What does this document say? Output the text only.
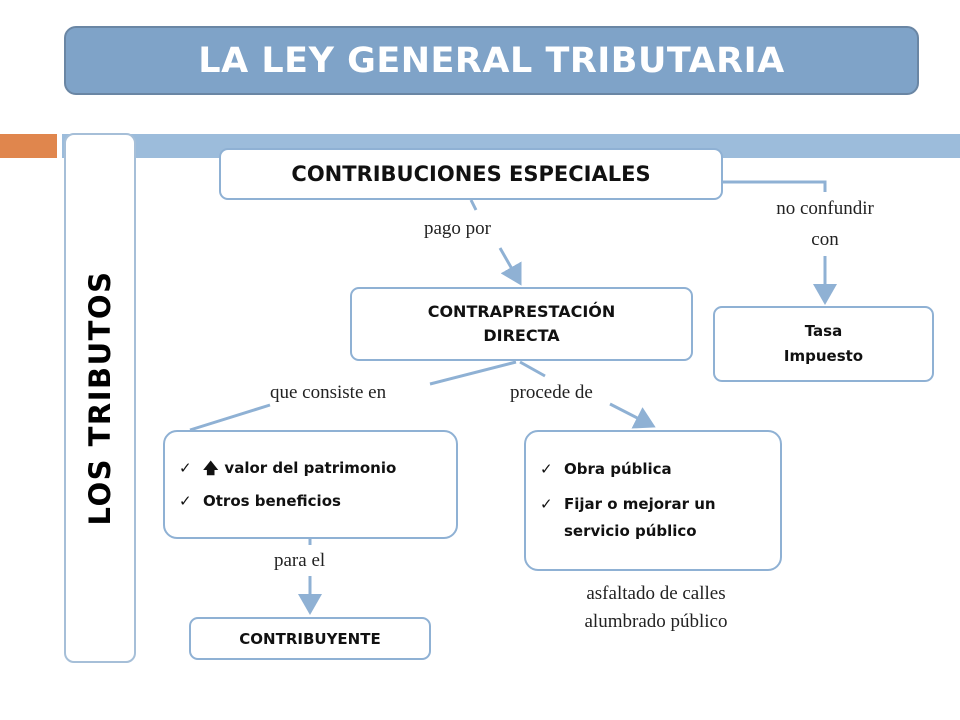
LA LEY GENERAL TRIBUTARIA
LOS TRIBUTOS
CONTRIBUCIONES ESPECIALES
CONTRAPRESTACIÓN
DIRECTA	Tasa
Impuesto
✓ 🡅 valor del patrimonio
✓ Otros beneficios
✓ Obra pública
✓ Fijar o mejorar un
servicio público
CONTRIBUYENTE
pago por
no confundir
con
que consiste en	procede de
para el
asfaltado de calles
alumbrado público
